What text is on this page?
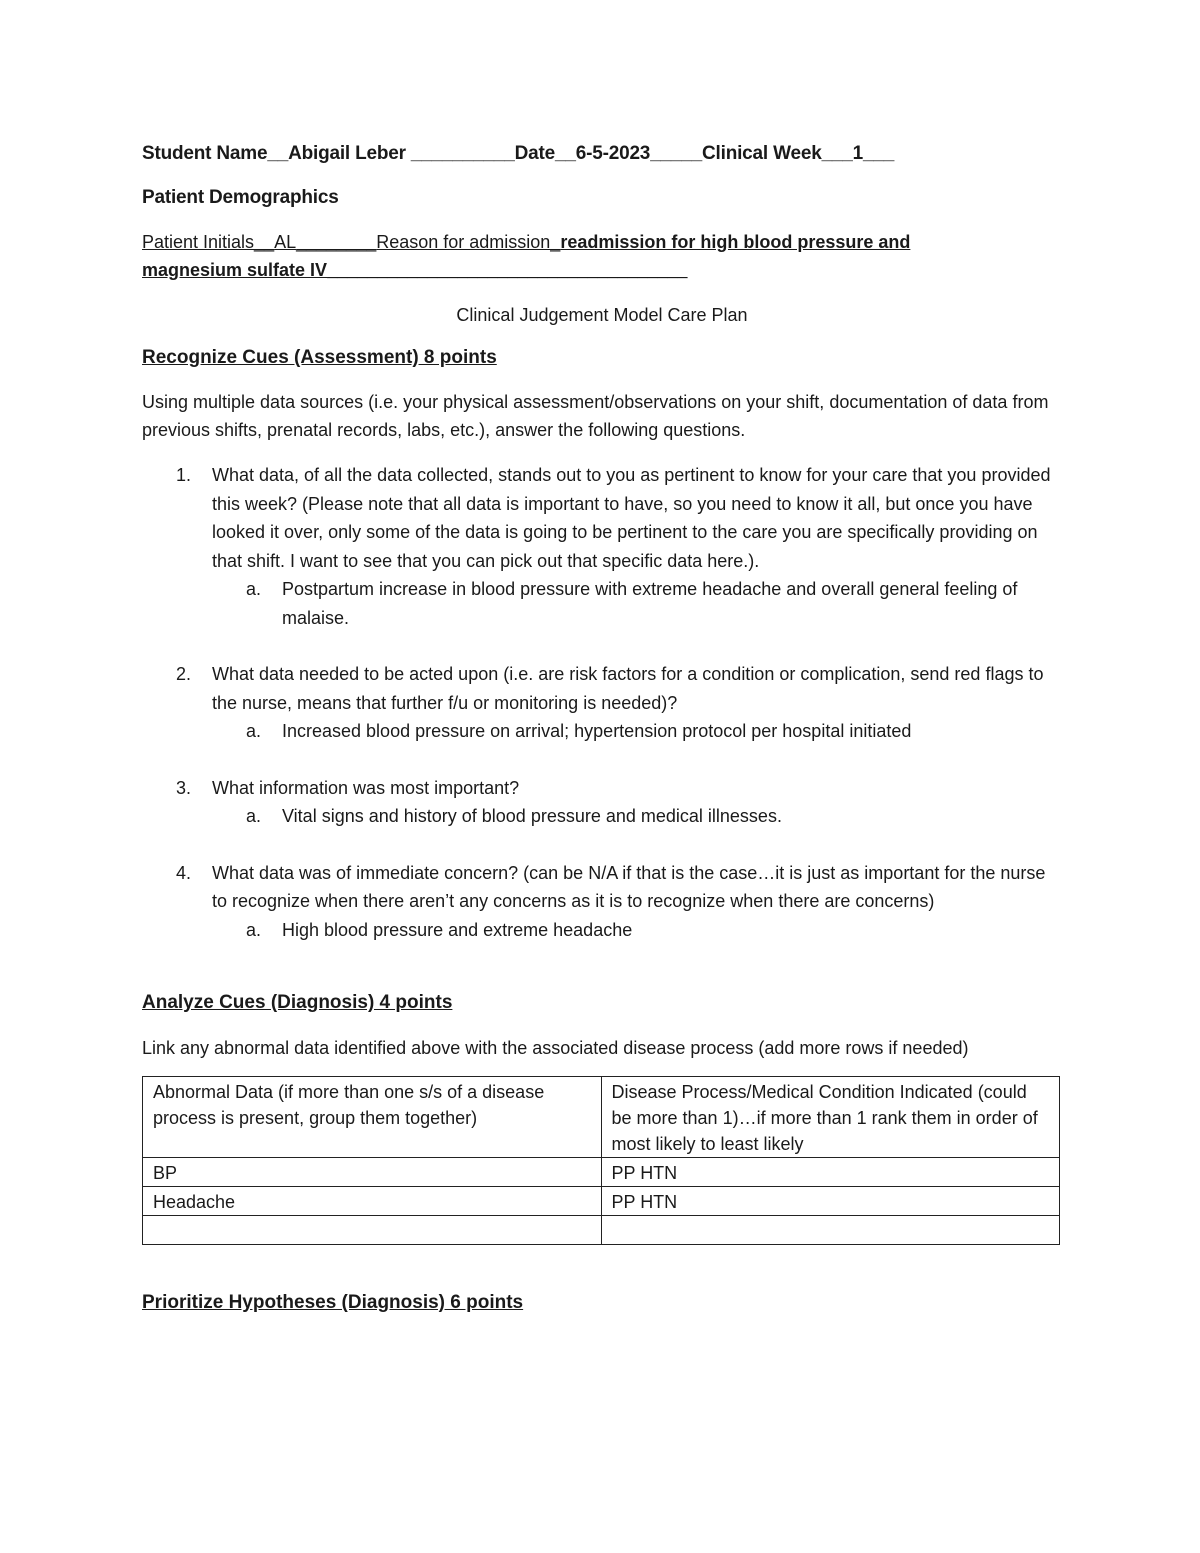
Student Name__Abigail Leber __________Date__6-5-2023_____Clinical Week___1___

Patient Demographics

Patient Initials__AL________Reason for admission_readmission for high blood pressure and
magnesium sulfate IV____________________________________

Clinical Judgement Model Care Plan

Recognize Cues (Assessment) 8 points

Using multiple data sources (i.e. your physical assessment/observations on your shift, documentation of data from previous shifts, prenatal records, labs, etc.), answer the following questions.

1. What data, of all the data collected, stands out to you as pertinent to know for your care that you provided this week? (Please note that all data is important to have, so you need to know it all, but once you have looked it over, only some of the data is going to be pertinent to the care you are specifically providing on that shift. I want to see that you can pick out that specific data here.).
a. Postpartum increase in blood pressure with extreme headache and overall general feeling of malaise.
2. What data needed to be acted upon (i.e. are risk factors for a condition or complication, send red flags to the nurse, means that further f/u or monitoring is needed)?
a. Increased blood pressure on arrival; hypertension protocol per hospital initiated
3. What information was most important?
a. Vital signs and history of blood pressure and medical illnesses.
4. What data was of immediate concern? (can be N/A if that is the case…it is just as important for the nurse to recognize when there aren’t any concerns as it is to recognize when there are concerns)
a. High blood pressure and extreme headache

Analyze Cues (Diagnosis) 4 points

Link any abnormal data identified above with the associated disease process (add more rows if needed)

Abnormal Data (if more than one s/s of a disease process is present, group them together)	Disease Process/Medical Condition Indicated (could be more than 1)…if more than 1 rank them in order of most likely to least likely
BP	PP HTN
Headache	PP HTN

Prioritize Hypotheses (Diagnosis) 6 points
